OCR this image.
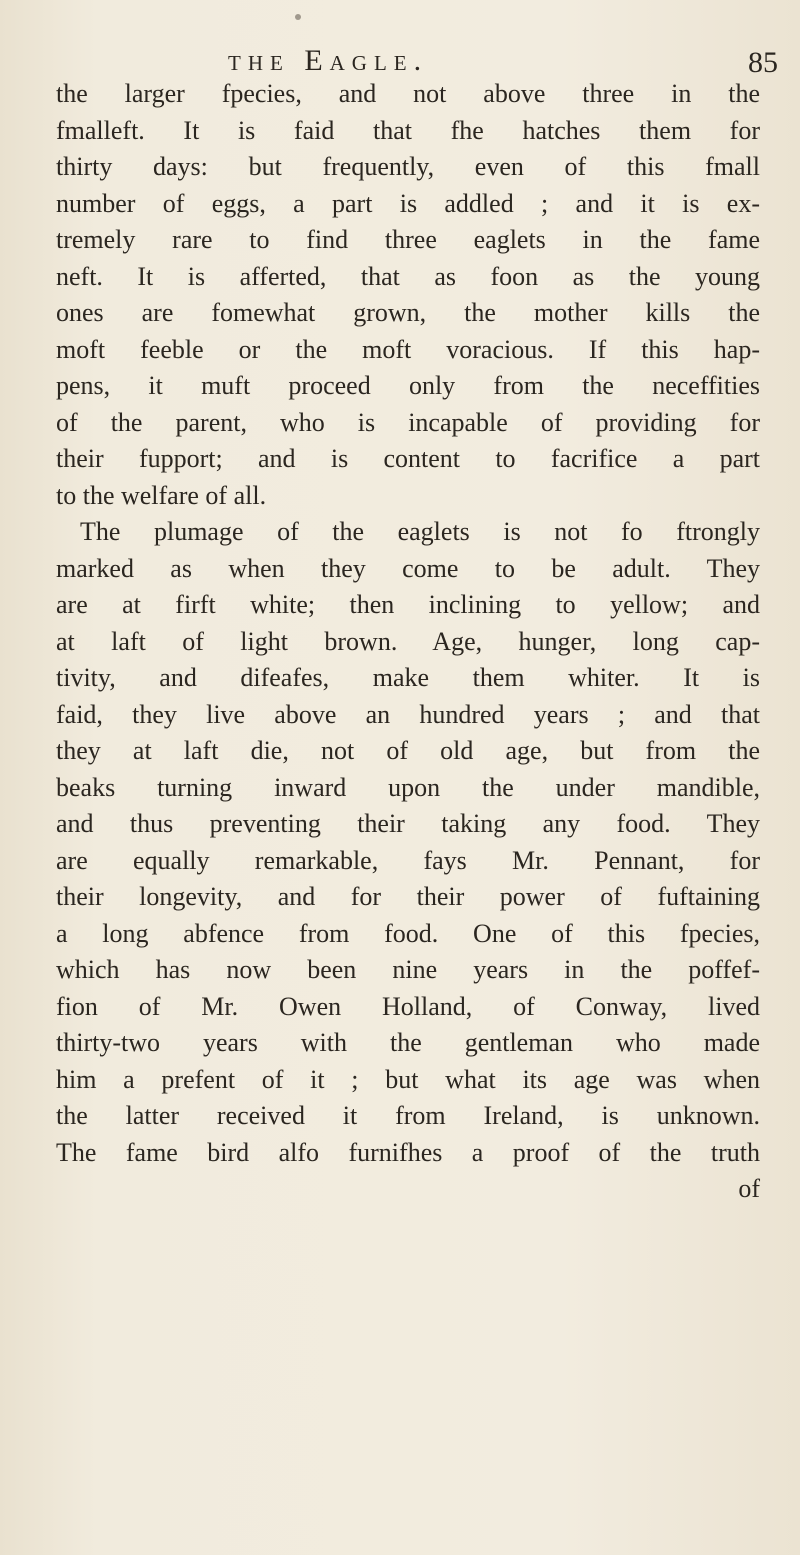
the Eagle.	85
the larger fpecies, and not above three in the
fmalleft. It is faid that fhe hatches them for
thirty days: but frequently, even of this fmall
number of eggs, a part is addled ; and it is ex-
tremely rare to find three eaglets in the fame
neft. It is afferted, that as foon as the young
ones are fomewhat grown, the mother kills the
moft feeble or the moft voracious. If this hap-
pens, it muft proceed only from the neceffities
of the parent, who is incapable of providing for
their fupport; and is content to facrifice a part
to the welfare of all.
The plumage of the eaglets is not fo ftrongly
marked as when they come to be adult. They
are at firft white; then inclining to yellow; and
at laft of light brown. Age, hunger, long cap-
tivity, and difeafes, make them whiter. It is
faid, they live above an hundred years ; and that
they at laft die, not of old age, but from the
beaks turning inward upon the under mandible,
and thus preventing their taking any food. They
are equally remarkable, fays Mr. Pennant, for
their longevity, and for their power of fuftaining
a long abfence from food. One of this fpecies,
which has now been nine years in the poffef-
fion of Mr. Owen Holland, of Conway, lived
thirty-two years with the gentleman who made
him a prefent of it ; but what its age was when
the latter received it from Ireland, is unknown.
The fame bird alfo furnifhes a proof of the truth
of
